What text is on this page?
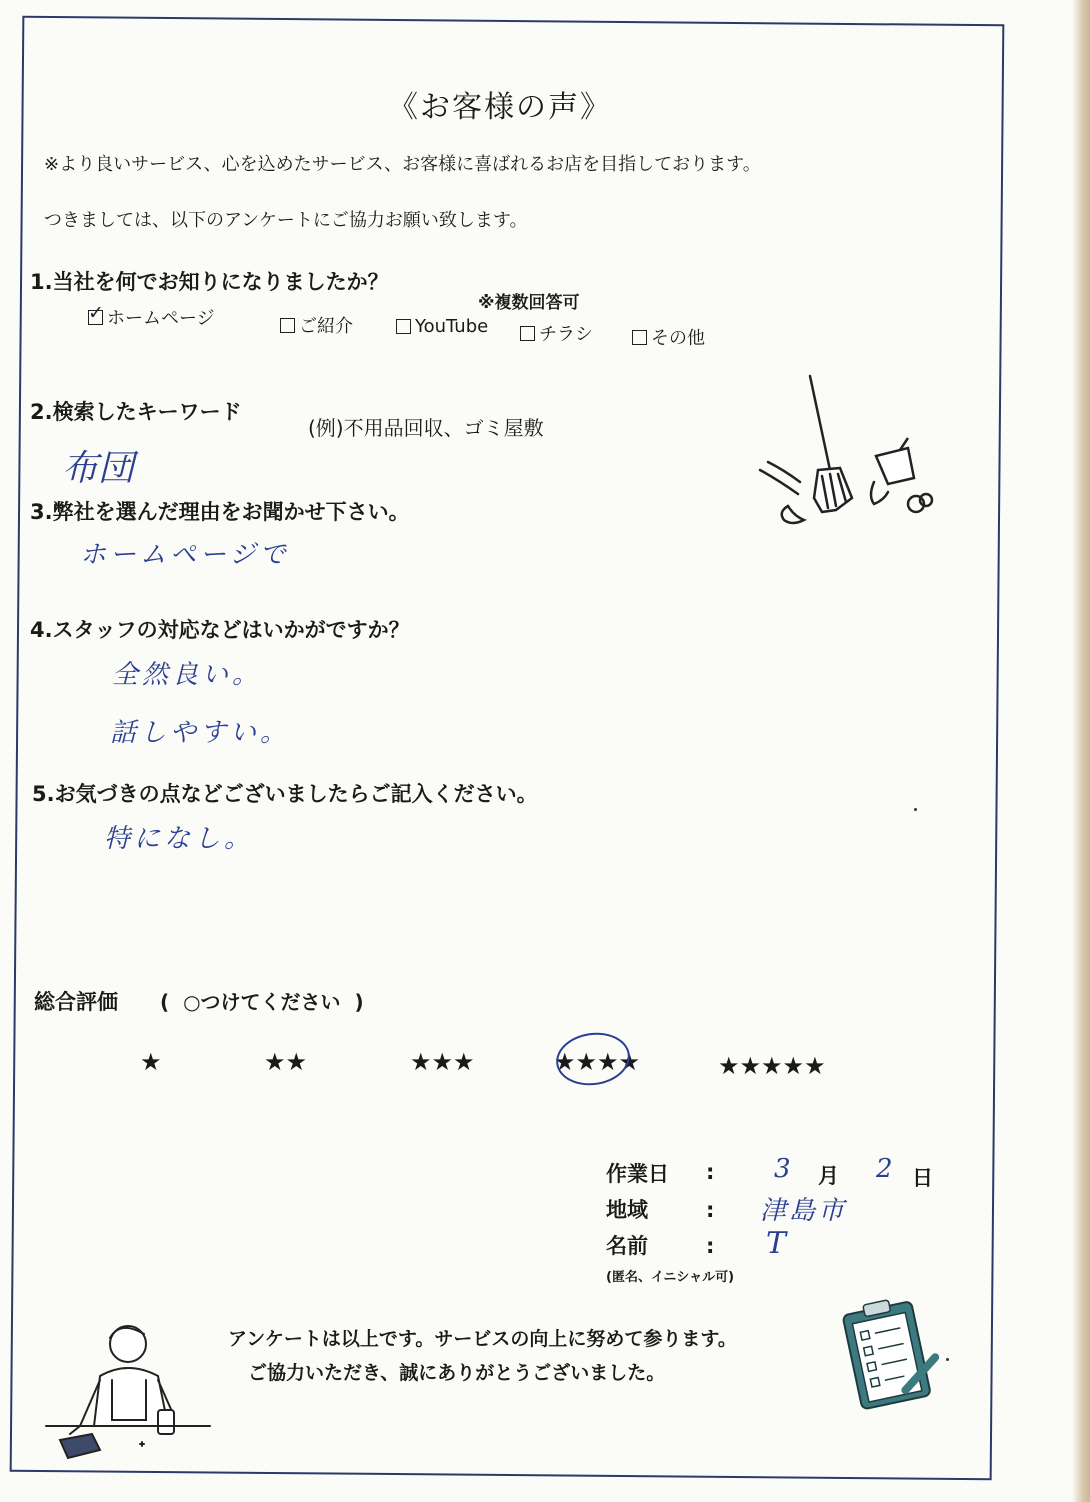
《お客様の声》
※より良いサービス、心を込めたサービス、お客様に喜ばれるお店を目指しております。
つきましては、以下のアンケートにご協力お願い致します。
1.当社を何でお知りになりましたか？
※複数回答可
✓
ホームページ	ご紹介	YouTube	チラシ	その他
2.検索したキーワード
(例)不用品回収、ゴミ屋敷
布団
3.弊社を選んだ理由をお聞かせ下さい。
ホームページで
4.スタッフの対応などはいかがですか？
全然良い。
話しやすい。
5.お気づきの点などございましたらご記入ください。
特になし。
総合評価 (  ○つけてください  )
★	★★	★★★	★★★★	★★★★★
作業日 : 3 月 2 日
地域	: 津島市
名前	: T
(匿名、イニシャル可)
アンケートは以上です。サービスの向上に努めて参ります。
ご協力いただき、誠にありがとうございました。
